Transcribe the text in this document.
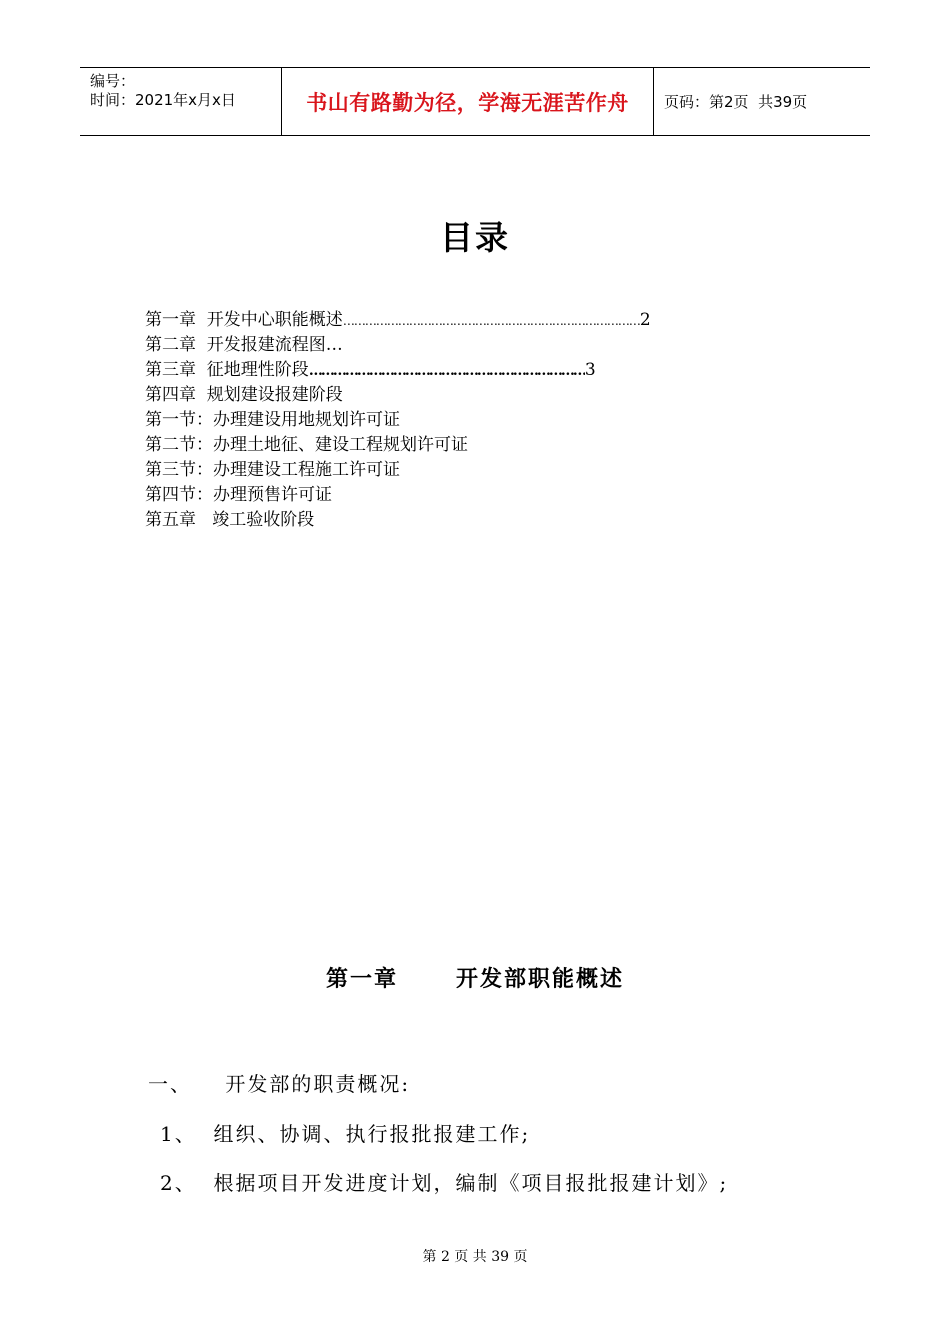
编号：
时间：2021年x月x日	书山有路勤为径，学海无涯苦作舟 页码：第2页  共39页
目录
第一章  开发中心职能概述 ……………………………………………………………………… 2
第二章  开发报建流程图…
第三章  征地理性阶段 …………………………………………………………… 3
第四章  规划建设报建阶段
第一节：办理建设用地规划许可证
第二节：办理土地征、建设工程规划许可证
第三节：办理建设工程施工许可证
第四节：办理预售许可证
第五章   竣工验收阶段
第一章      开发部职能概述
一、    开发部的职责概况:
1、  组织、协调、执行报批报建工作;
2、  根据项目开发进度计划，编制《项目报批报建计划》;
第 2 页 共 39 页
